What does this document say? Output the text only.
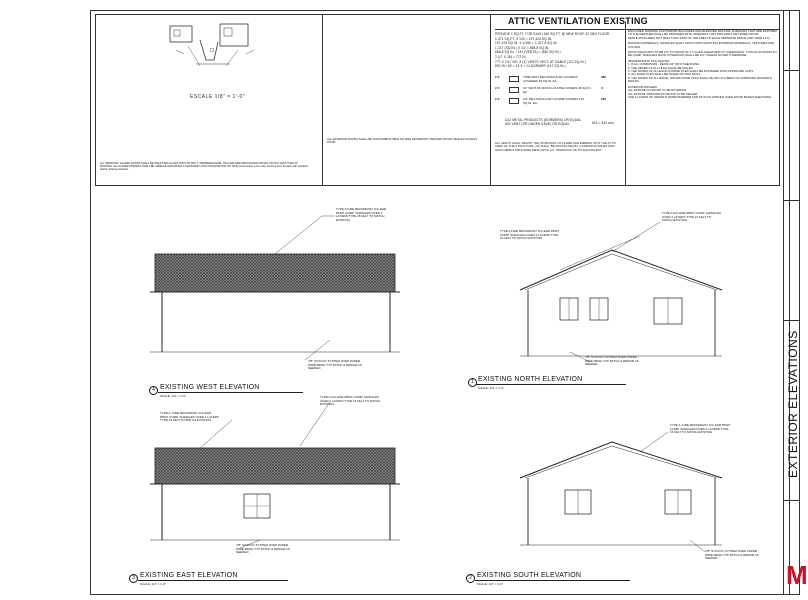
ESCALE 1/8" = 1'-0"
ALL WINDOWS, GLAZED DOORS SHALL BE INSULATED GLASS UNITS W/ MIN. 1 TEMPERED PANE, OR HAVE FIRE RESISTANCE RATING OR NOT LESS THAN 20 MINUTES. ALL GLAZED OPENING SHALL BE LABELED INDICATING A CERTIFIED U-FACTOR (EXISTING ON SITE) construction must verify all sizes from fit plans with standard before ordering windows
ALL EXTERIOR DOORS SHALL BE NONCOMBUSTIBLE OR FIRE RETARDANT TREATED WOOD VEHICLE ACCESS DOOR
ATTIC VENTILATION EXISTING
PROVIDE 1 SQ.FT. FOR EACH 150 SQ.FT. @ NEW ROOF AT 2ND FLOOR
1,371 SQ.FT. X 144 = 197,424 SQ.IN.
197,424 SQ.IN. X 1/150 = 1,317.6 SQ.IN.
1,317 (SQ.IN.) X 1/2 = 658.8 SQ.IN.
658.8 SQ.IN. / 131 (VENTS) = (640 SQ.IN.)
2 (17 X 28) = 772 IN
777 X 1/3 / NO. 8 (1) VENTS VECT. AT GABLE (112 SQ.IN.)
892 IN / 69 = 13.3 = 14 DORMER (147 SQ.IN.)
2 X	TRIM VENT RECTANGULAR LOUVERS COVERED 48 SQ.IN. EA.
386
2 X	10" VENT OF ROOF LOUVRE COVERS 48 SQ.IN. EA.
0
2 X	1/4" RECTANGULAR LOUVRE COVERS 115 SQ.IN. EA.
230
C&J METAL PRODUCTS (DORMERS) OR EQUAL AIR VENT (OR UNDER EAVE) OR EQUAL	616 > 522 min.
ALL VENTS SHALL RESIST THE INTRUSION OF FLAME AND EMBERS INTO THE ATTIC AREA OF THE STRUCTURE, OR SHALL BE PROTECTED BY CORROSION-RESISTANT, NONCOMBUSTIBLE WIRE MESH WITH 1/4" OPENINGS OR ITS EQUIVALENT.
ENCLOSED FRAMING IN EXTERIOR BALCONIES AND ELEVATED WALKING SURFACES THAT ARE EXPOSED TO THE WEATHER SHALL BE PROVIDED WITH OPENINGS THAT PROVIDE A NET FREE CROSS VENTILATION AREA NOT LESS THAN 1/150 OF THE AREA OF EACH SEPARATE SPACE (CRC R506.13.6).
ROOFING MATERIALS, SHINGLES SHALL MATCH WITH EXISTING EXTERIOR MATERIALS, TEXTURES AND COLORS
ROOF SHEATHING TO BE 1/2" PLYWOOD W/ 1 X SOLID SHEATHING AT OVERHANGS. TYPICAL ROOFING TO BE COMP. SHINGLES ROOF COVERINGS SHALL BE 1/2" UNLESS NOTED OTHERWISE
MINIMUM ROOF TILE NAILING:
1. 8 GA. CORROSION - RESIS 3/4" INTO SHEATHING
2. THE HEADS OF ALL TILES SHALL BE NAILED
3. THE NOSES OF ALL EAVE COURSE TILES SHALL BE FASTENED WITH APPROVED CLIPS
4. ALL RAKE TILES SHALL BE NAILED W/ TWO NAILS
5. THE NOSES OF ALL RIDGE, HIP AND RAKE TILES SHALL BE SET IN A BEAD OF APPROVED ROOFER'S MASTIC.
EXTERIOR FINISHES
ALL EXPOSE PLYWOOD TO BE EXTERIOR
ALL EXPOSE TRIM AND PLYWOOD TO BE SEALER
USE 2 LAYERS OF GRADE D PAPER BARRIER FOR STUCCO APPLIED OVER WOOD BASED SHEATHING
TYPE A FIRE RETARDANT ICC-ESR #5337 COMP. SHINGLES OVER 2 LAYERS TYPE 15 FELT TO MATCH EXISTING
7/8" STUCCO SYSTEM OVER PAPER WIRE MESH TYP PATCH & REPAIR AS NEEDED
TYPE A FIRE RETARDANT ICC-ESR #5337 COMP. SHINGLES OVER 2 LAYERS TYPE 15 FELT TO MATCH EXISTING
TYPE A ICC-ESR #5537 COMP. SHINGLES OVER 2 LAYERS TYPE 15 FELT TO MATCH EXISTING
7/8" STUCCO SYSTEM OVER PAPER WIRE MESH TYP PATCH & REPAIR AS NEEDED
TYPE A, FIRE RETARDANT ICC-ESR #5537 COMP. SHINGLES OVER 2 LAYERS TYPE 15 FELT TO MATCH EXISTING
TYPE A ICC-ESR #5537 COMP. SHINGLES OVER 2 LAYERS TYPE 15 FELT TO MATCH EXISTING
7/8" STUCCO SYSTEM OVER PAPER WIRE MESH TYP PATCH & REPAIR AS NEEDED
TYPE A, FIRE RETARDANT ICC-ESR #5337 COMP. SHINGLES OVER 2 LAYERS TYPE 15 FELT TO MATCH EXISTING
7/8" STUCCO SYSTEM OVER PAPER WIRE MESH TYP PATCH & REPAIR AS NEEDED
4 EXISTING WEST ELEVATION
SCALE: 1/4" = 1'-0"
1 EXISTING NORTH ELEVATION
SCALE: 1/4" = 1'-0"
3 EXISTING EAST ELEVATION
SCALE: 1/4" = 1'-0"
2 EXISTING SOUTH ELEVATION
SCALE: 1/4" = 1'-0"
EXTERIOR ELEVATIONS
M
